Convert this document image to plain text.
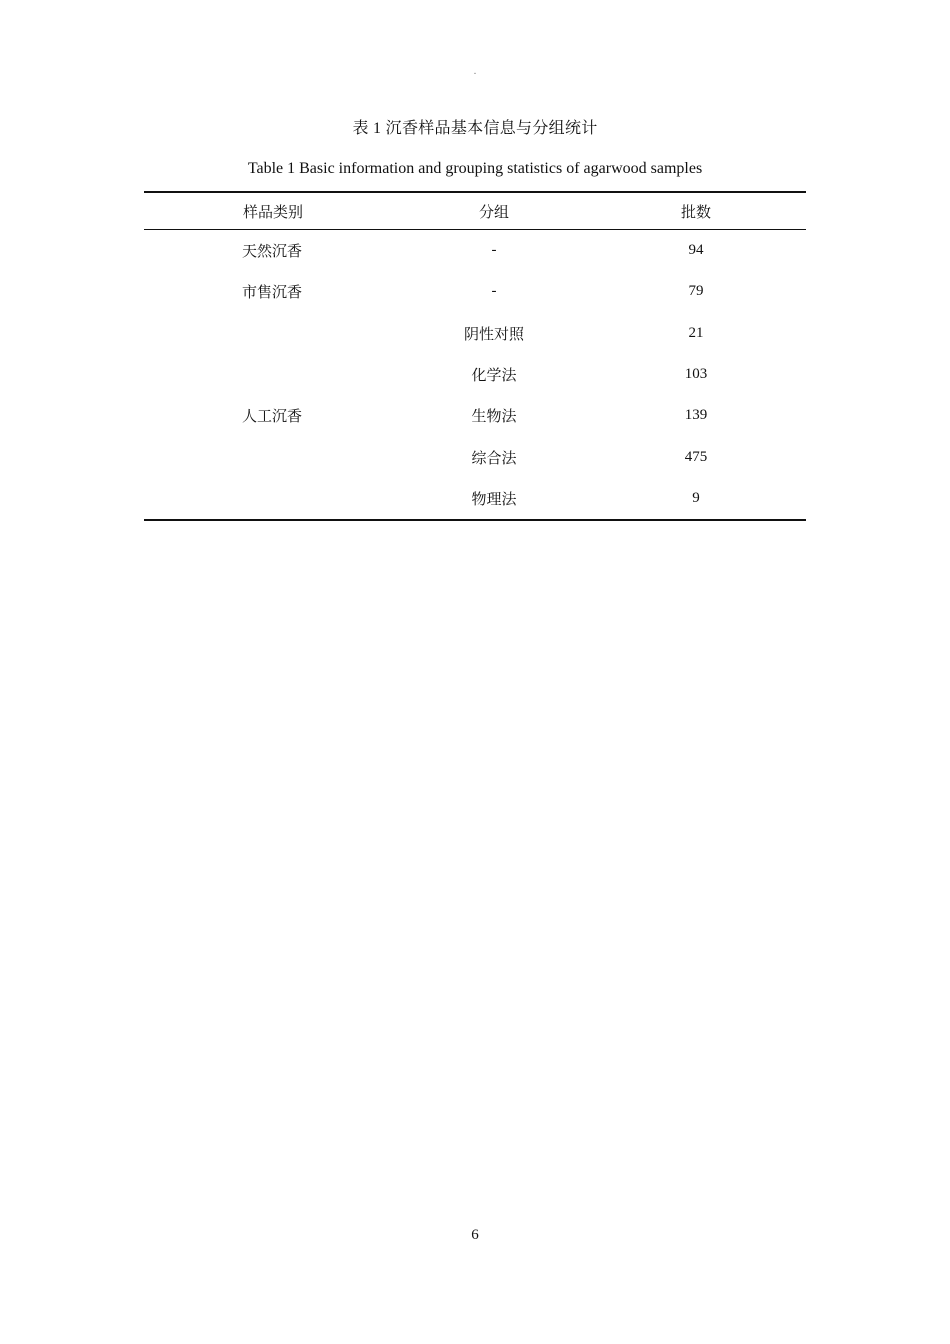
.
表 1 沉香样品基本信息与分组统计
Table 1 Basic information and grouping statistics of agarwood samples
样品类别	分组	批数
天然沉香	-	94
市售沉香	-	79
人工沉香	阴性对照	21
	化学法	103
	生物法	139
	综合法	475
	物理法	9
6
